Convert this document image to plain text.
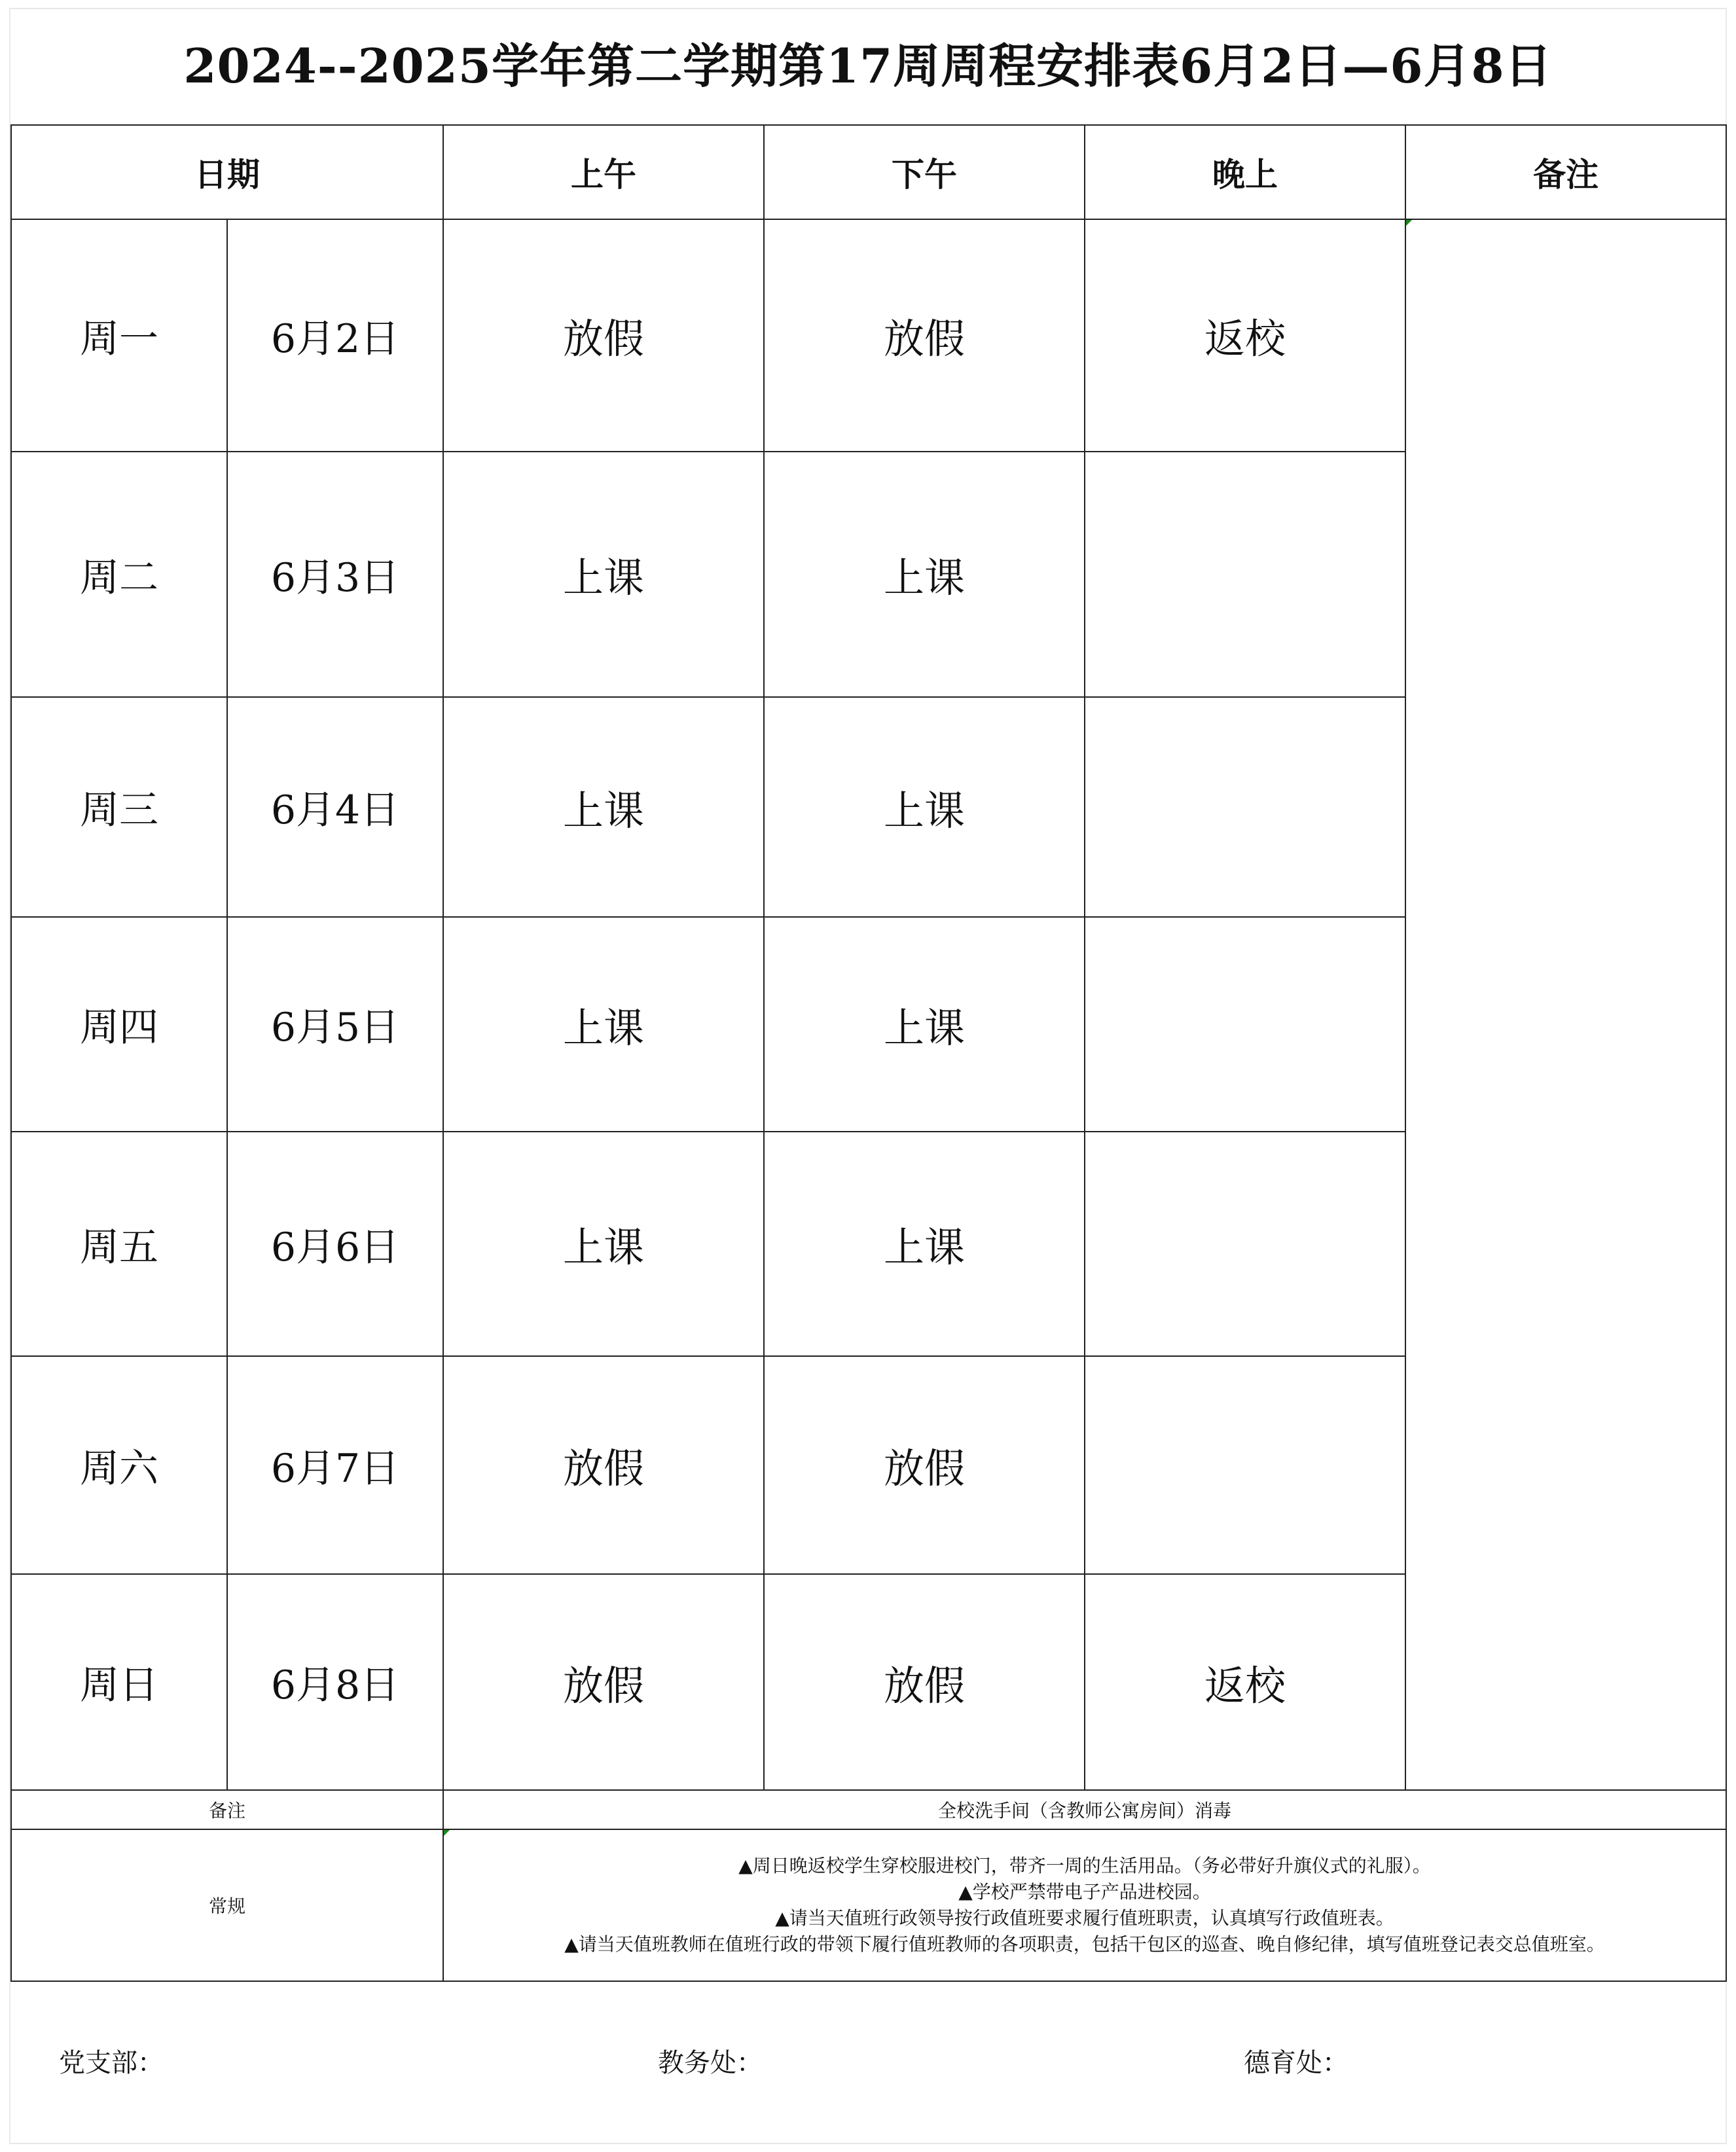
2024--2025学年第二学期第17周周程安排表6月2日—6月8日
日期		上午	下午	晚上	备注
周一	6月2日	放假	放假	返校	

周二	6月3日	上课	上课		
周三	6月4日	上课	上课		
周四	6月5日	上课	上课		
周五	6月6日	上课	上课		
周六	6月7日	放假	放假		
周日	6月8日	放假	放假	返校	
备注		全校洗手间（含教师公寓房间）消毒			
常规		▲周日晚返校学生穿校服进校门，带齐一周的生活用品。（务必带好升旗仪式的礼服）。
▲学校严禁带电子产品进校园。
▲请当天值班行政领导按行政值班要求履行值班职责，认真填写行政值班表。
▲请当天值班教师在值班行政的带领下履行值班教师的各项职责，包括干包区的巡查、晚自修纪律，填写值班登记表交总值班室。			
党支部：	教务处：	德育处：
